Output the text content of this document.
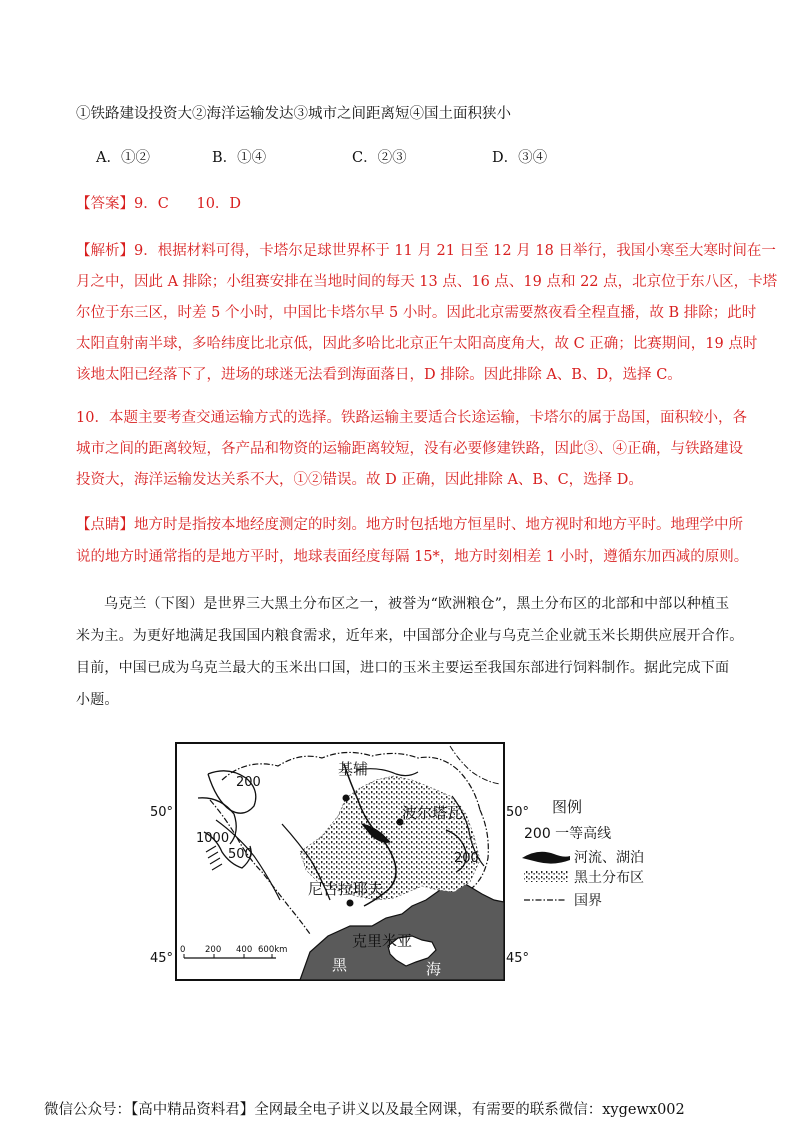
①铁路建设投资大②海洋运输发达③城市之间距离短④国土面积狭小
A．①②	B．①④	C．②③	D．③④
【答案】9．C      10．D
【解析】9．根据材料可得，卡塔尔足球世界杯于 11 月 21 日至 12 月 18 日举行，我国小寒至大寒时间在一
月之中，因此 A 排除；小组赛安排在当地时间的每天 13 点、16 点、19 点和 22 点，北京位于东八区，卡塔
尔位于东三区，时差 5 个小时，中国比卡塔尔早 5 小时。因此北京需要熬夜看全程直播，故 B 排除；此时
太阳直射南半球，多哈纬度比北京低，因此多哈比北京正午太阳高度角大，故 C 正确；比赛期间，19 点时
该地太阳已经落下了，进场的球迷无法看到海面落日，D 排除。因此排除 A、B、D，选择 C。
10．本题主要考查交通运输方式的选择。铁路运输主要适合长途运输，卡塔尔的属于岛国，面积较小，各
城市之间的距离较短，各产品和物资的运输距离较短，没有必要修建铁路，因此③、④正确，与铁路建设
投资大，海洋运输发达关系不大，①②错误。故 D 正确，因此排除 A、B、C，选择 D。
【点睛】地方时是指按本地经度测定的时刻。地方时包括地方恒星时、地方视时和地方平时。地理学中所
说的地方时通常指的是地方平时，地球表面经度每隔 15*，地方时刻相差 1 小时，遵循东加西减的原则。
乌克兰（下图）是世界三大黑土分布区之一，被誉为“欧洲粮仓”，黑土分布区的北部和中部以种植玉
米为主。为更好地满足我国国内粮食需求，近年来，中国部分企业与乌克兰企业就玉米长期供应展开合作。
目前，中国已成为乌克兰最大的玉米出口国，进口的玉米主要运至我国东部进行饲料制作。据此完成下面
小题。
基辅
波尔塔瓦
尼古拉耶夫
克里米亚
黑	海
200
1000
500	200
50°	50°
45°	45°
0 200 400 600km
图例
200 一等高线
河流、湖泊
黑土分布区
国界
微信公众号：【高中精品资料君】全网最全电子讲义以及最全网课，有需要的联系微信：xygewx002
